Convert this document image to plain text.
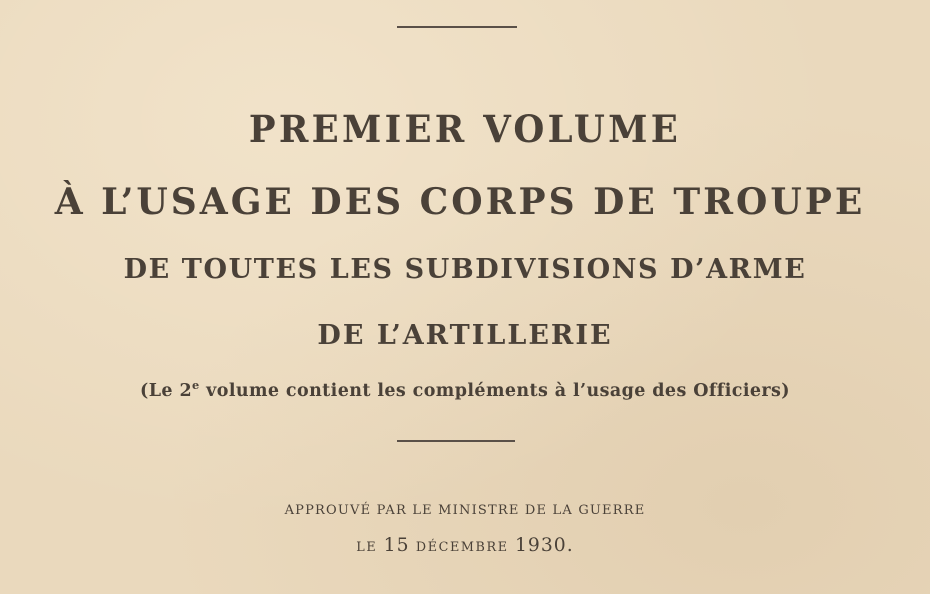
PREMIER VOLUME
À L’USAGE DES CORPS DE TROUPE
DE TOUTES LES SUBDIVISIONS D’ARME
DE L’ARTILLERIE
(Le 2e volume contient les compléments à l’usage des Officiers)
APPROUVÉ PAR LE MINISTRE DE LA GUERRE
LE 15 DÉCEMBRE 1930.
